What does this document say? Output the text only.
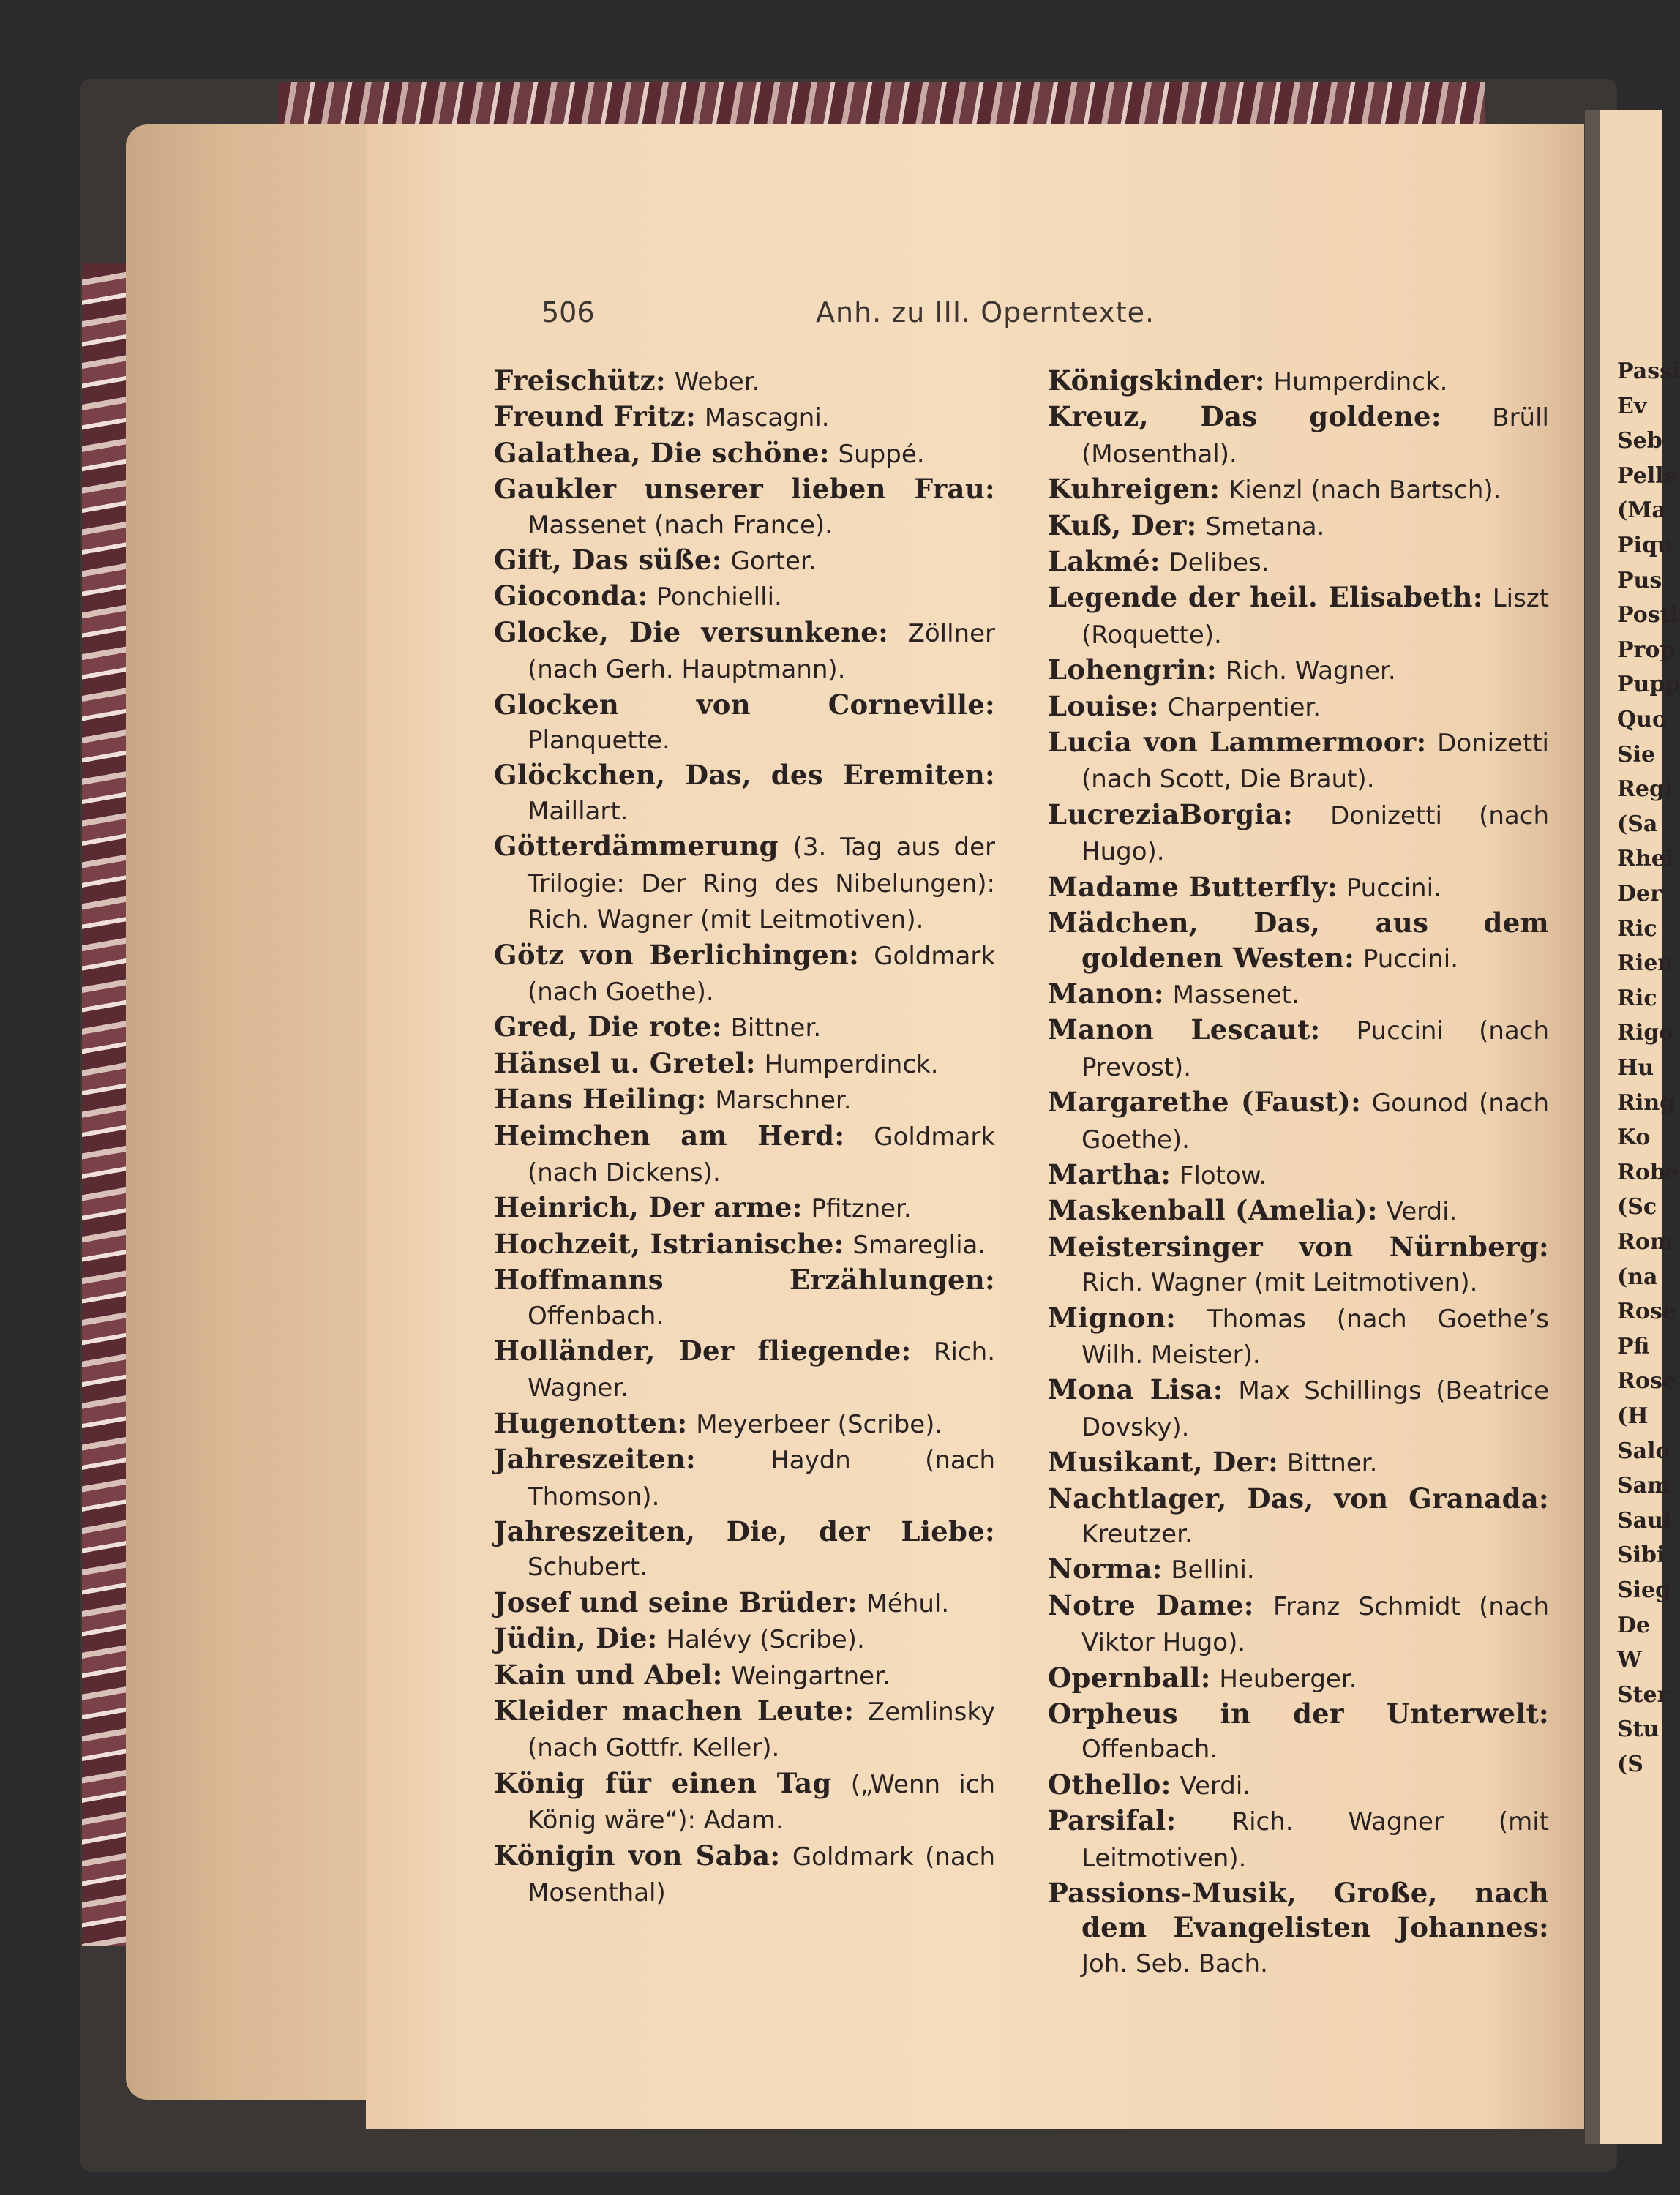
506	Anh. zu III. Operntexte.
Freischütz: Weber.
Freund Fritz: Mascagni.
Galathea, Die schöne: Suppé.
Gaukler unserer lieben Frau: Massenet (nach France).
Gift, Das süße: Gorter.
Gioconda: Ponchielli.
Glocke, Die versunkene: Zöllner (nach Gerh. Hauptmann).
Glocken von Corneville: Planquette.
Glöckchen, Das, des Eremiten: Maillart.
Götterdämmerung (3. Tag aus der Trilogie: Der Ring des Nibelungen): Rich. Wagner (mit Leitmotiven).
Götz von Berlichingen: Goldmark (nach Goethe).
Gred, Die rote: Bittner.
Hänsel u. Gretel: Humperdinck.
Hans Heiling: Marschner.
Heimchen am Herd: Goldmark (nach Dickens).
Heinrich, Der arme: Pfitzner.
Hochzeit, Istrianische: Smareglia.
Hoffmanns Erzählungen: Offenbach.
Holländer, Der fliegende: Rich. Wagner.
Hugenotten: Meyerbeer (Scribe).
Jahreszeiten:	Haydn (nach Thomson).
Jahreszeiten, Die, der Liebe: Schubert.
Josef und seine Brüder: Méhul.
Jüdin, Die: Halévy (Scribe).
Kain und Abel: Weingartner.
Kleider machen Leute: Zemlinsky (nach Gottfr. Keller).
König für einen Tag („Wenn ich König wäre“): Adam.
Königin von Saba: Goldmark (nach Mosenthal)
Königskinder: Humperdinck.
Kreuz, Das goldene: Brüll (Mosenthal).
Kuhreigen: Kienzl (nach Bartsch).
Kuß, Der: Smetana.
Lakmé: Delibes.
Legende der heil. Elisabeth: Liszt (Roquette).
Lohengrin: Rich. Wagner.
Louise: Charpentier.
Lucia von Lammermoor: Donizetti (nach Scott, Die Braut).
LucreziaBorgia: Donizetti (nach Hugo).
Madame Butterfly: Puccini.
Mädchen, Das, aus dem goldenen Westen: Puccini.
Manon: Massenet.
Manon Lescaut: Puccini (nach Prevost).
Margarethe (Faust): Gounod (nach Goethe).
Martha: Flotow.
Maskenball (Amelia): Verdi.
Meistersinger von Nürnberg: Rich. Wagner (mit Leitmotiven).
Mignon: Thomas (nach Goethe’s Wilh. Meister).
Mona Lisa: Max Schillings (Beatrice Dovsky).
Musikant, Der: Bittner.
Nachtlager, Das, von Granada: Kreutzer.
Norma: Bellini.
Notre Dame: Franz Schmidt (nach Viktor Hugo).
Opernball: Heuberger.
Orpheus in der Unterwelt: Offenbach.
Othello: Verdi.
Parsifal: Rich. Wagner (mit Leitmotiven).
Passions-Musik, Große, nach dem Evangelisten Johannes: Joh. Seb. Bach.
Passi
Ev
Seb
Pelle
(Ma
Piqu
Pus
Posti
Prop
Pupp
Quo
Sie
Regi
(Sa
Rhei
Der
Ric
Rien
Ric
Rigo
Hu
Ring
Ko
Robe
(Sc
Rom
(na
Rose
Pfi
Rose
(H
Salo
Sam
Saul
Sibi
Sieg
De
W
Ster
Stu
(S
